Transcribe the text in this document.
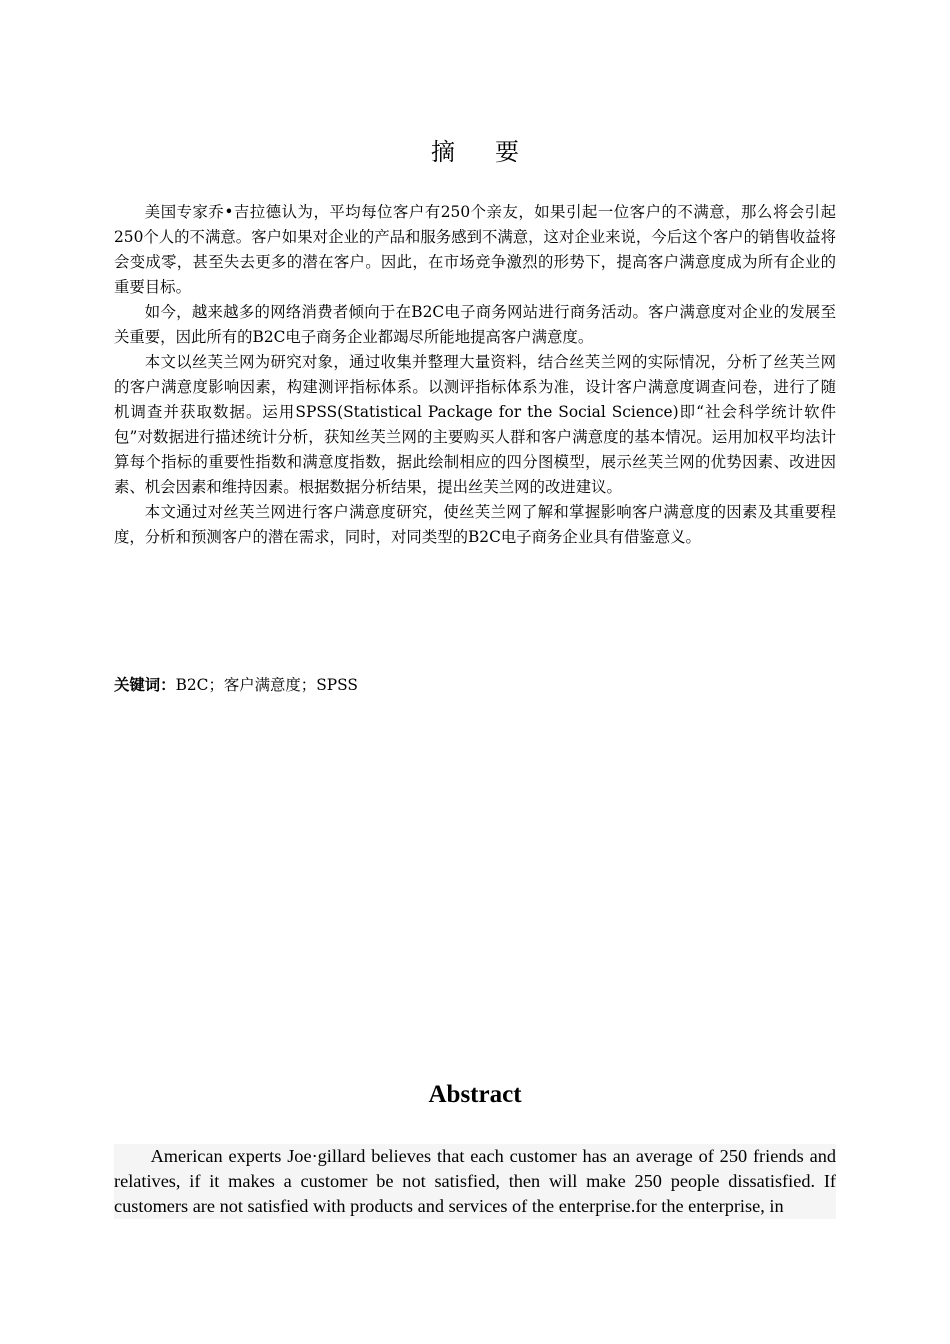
摘要

美国专家乔•吉拉德认为，平均每位客户有250个亲友，如果引起一位客户的不满意，那么将会引起250个人的不满意。客户如果对企业的产品和服务感到不满意，这对企业来说，今后这个客户的销售收益将会变成零，甚至失去更多的潜在客户。因此，在市场竞争激烈的形势下，提高客户满意度成为所有企业的重要目标。

如今，越来越多的网络消费者倾向于在B2C电子商务网站进行商务活动。客户满意度对企业的发展至关重要，因此所有的B2C电子商务企业都竭尽所能地提高客户满意度。

本文以丝芙兰网为研究对象，通过收集并整理大量资料，结合丝芙兰网的实际情况，分析了丝芙兰网的客户满意度影响因素，构建测评指标体系。以测评指标体系为准，设计客户满意度调查问卷，进行了随机调查并获取数据。运用SPSS(Statistical Package for the Social Science)即“社会科学统计软件包”对数据进行描述统计分析，获知丝芙兰网的主要购买人群和客户满意度的基本情况。运用加权平均法计算每个指标的重要性指数和满意度指数，据此绘制相应的四分图模型，展示丝芙兰网的优势因素、改进因素、机会因素和维持因素。根据数据分析结果，提出丝芙兰网的改进建议。

本文通过对丝芙兰网进行客户满意度研究，使丝芙兰网了解和掌握影响客户满意度的因素及其重要程度，分析和预测客户的潜在需求，同时，对同类型的B2C电子商务企业具有借鉴意义。

关键词：B2C；客户满意度；SPSS

Abstract

American experts Joe·gillard believes that each customer has an average of 250 friends and relatives, if it makes a customer be not satisfied, then will make 250 people dissatisfied. If customers are not satisfied with products and services of the enterprise.for the enterprise, in
